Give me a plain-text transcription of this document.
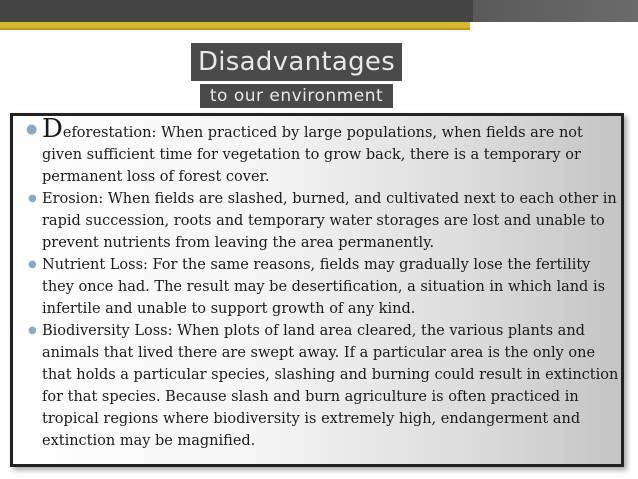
Disadvantages
to our environment
● Deforestation: When practiced by large populations, when fields are not given sufficient time for vegetation to grow back, there is a temporary or permanent loss of forest cover.
● Erosion: When fields are slashed, burned, and cultivated next to each other in rapid succession, roots and temporary water storages are lost and unable to prevent nutrients from leaving the area permanently.
● Nutrient Loss: For the same reasons, fields may gradually lose the fertility they once had. The result may be desertification, a situation in which land is infertile and unable to support growth of any kind.
● Biodiversity Loss: When plots of land area cleared, the various plants and animals that lived there are swept away. If a particular area is the only one that holds a particular species, slashing and burning could result in extinction for that species. Because slash and burn agriculture is often practiced in tropical regions where biodiversity is extremely high, endangerment and extinction may be magnified.
